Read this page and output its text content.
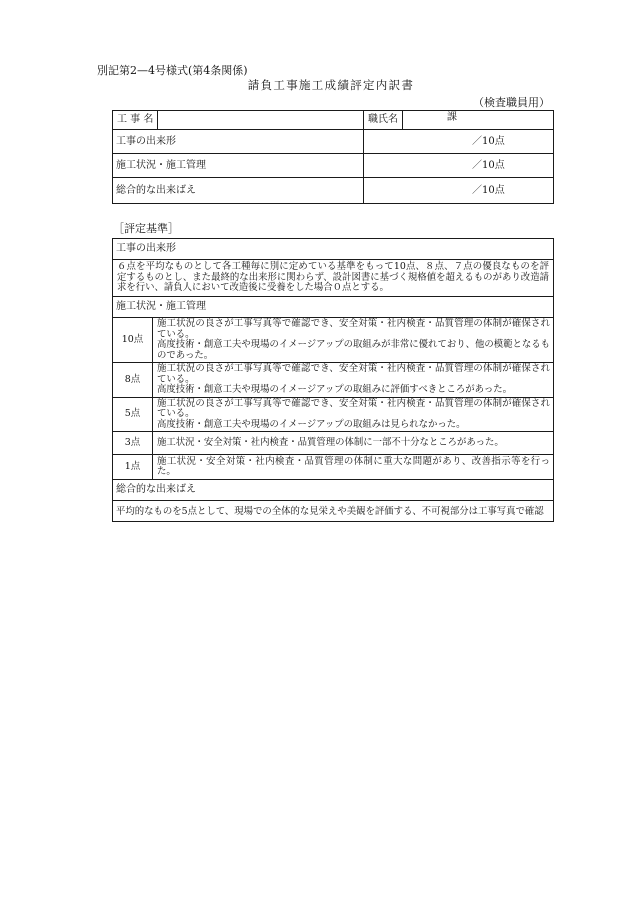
別記第2—4号様式(第4条関係)
請負工事施工成績評定内訳書
（検査職員用）
工 事 名		職氏名	課
工事の出来形		／10点	
施工状況・施工管理		／10点	
総合的な出来ばえ		／10点	
［評定基準］
工事の出来形	
６点を平均なものとして各工種毎に別に定めている基準をもって10点、８点、７点の優良なものを評定するものとし、また最終的な出来形に関わらず、設計図書に基づく規格値を超えるものがあり改造請求を行い、請負人において改造後に受養をした場合０点とする。	
施工状況・施工管理	
10点	施工状況の良さが工事写真等で確認でき、安全対策・社内検査・品質管理の体制が確保されている。
高度技術・創意工夫や現場のイメージアップの取組みが非常に優れており、他の模範となるものであった。

8点	施工状況の良さが工事写真等で確認でき、安全対策・社内検査・品質管理の体制が確保されている。
高度技術・創意工夫や現場のイメージアップの取組みに評価すべきところがあった。

5点	施工状況の良さが工事写真等で確認でき、安全対策・社内検査・品質管理の体制が確保されている。
高度技術・創意工夫や現場のイメージアップの取組みは見られなかった。

3点	施工状況・安全対策・社内検査・品質管理の体制に一部不十分なところがあった。

1点	施工状況・安全対策・社内検査・品質管理の体制に重大な問題があり、改善指示等を行った。

総合的な出来ばえ	
平均的なものを5点として、現場での全体的な見栄えや美観を評価する、不可視部分は工事写真で確認	
